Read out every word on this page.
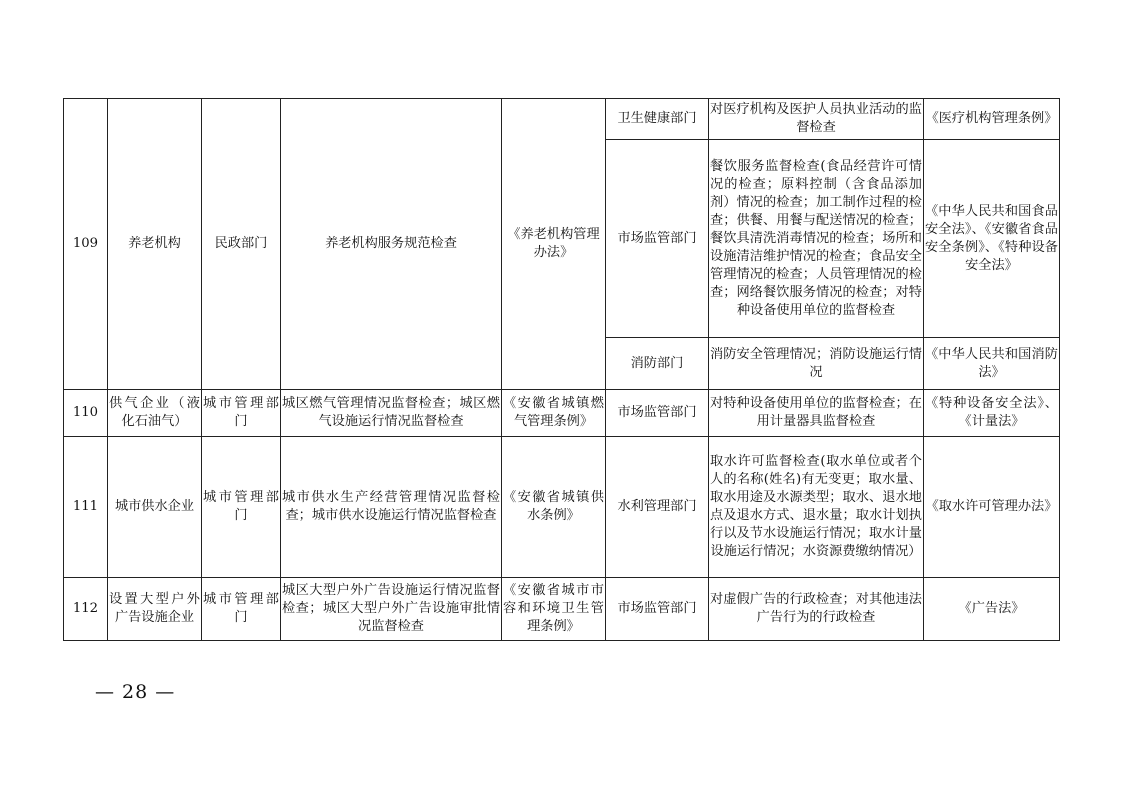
109	养老机构	民政部门	养老机构服务规范检查	《养老机构管理办法》	卫生健康部门	对医疗机构及医护人员执业活动的监督检查	《医疗机构管理条例》
					市场监管部门	餐饮服务监督检查(食品经营许可情况的检查；原料控制（含食品添加剂）情况的检查；加工制作过程的检查；供餐、用餐与配送情况的检查；餐饮具清洗消毒情况的检查；场所和设施清洁维护情况的检查；食品安全管理情况的检查；人员管理情况的检查；网络餐饮服务情况的检查；对特种设备使用单位的监督检查	《中华人民共和国食品安全法》、《安徽省食品安全条例》、《特种设备安全法》
					消防部门	消防安全管理情况；消防设施运行情况	《中华人民共和国消防法》
110	供气企业（液化石油气）	城市管理部门	城区燃气管理情况监督检查；城区燃气设施运行情况监督检查	《安徽省城镇燃气管理条例》	市场监管部门	对特种设备使用单位的监督检查；在用计量器具监督检查	《特种设备安全法》、《计量法》
111	城市供水企业	城市管理部门	城市供水生产经营管理情况监督检查；城市供水设施运行情况监督检查	《安徽省城镇供水条例》	水利管理部门	取水许可监督检查(取水单位或者个人的名称(姓名)有无变更；取水量、取水用途及水源类型；取水、退水地点及退水方式、退水量；取水计划执行以及节水设施运行情况；取水计量设施运行情况；水资源费缴纳情况）	《取水许可管理办法》
112	设置大型户外广告设施企业	城市管理部门	城区大型户外广告设施运行情况监督检查；城区大型户外广告设施审批情况监督检查	《安徽省城市市容和环境卫生管理条例》	市场监管部门	对虚假广告的行政检查；对其他违法广告行为的行政检查	《广告法》
— 28 —
